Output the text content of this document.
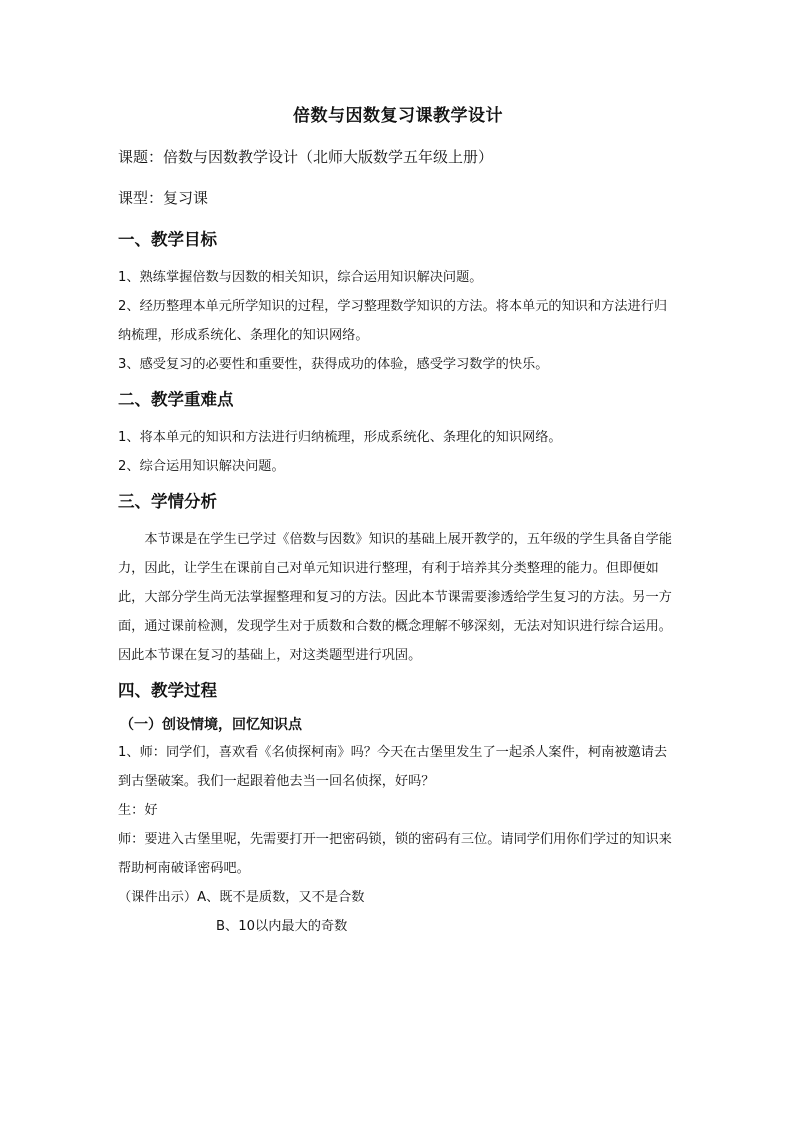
倍数与因数复习课教学设计
课题：倍数与因数教学设计（北师大版数学五年级上册）
课型：复习课
一、教学目标

1、熟练掌握倍数与因数的相关知识，综合运用知识解决问题。

2、经历整理本单元所学知识的过程，学习整理数学知识的方法。将本单元的知识和方法进行归纳梳理，形成系统化、条理化的知识网络。

3、感受复习的必要性和重要性，获得成功的体验，感受学习数学的快乐。

二、教学重难点

1、将本单元的知识和方法进行归纳梳理，形成系统化、条理化的知识网络。

2、综合运用知识解决问题。

三、学情分析

本节课是在学生已学过《倍数与因数》知识的基础上展开教学的，五年级的学生具备自学能力，因此，让学生在课前自己对单元知识进行整理，有利于培养其分类整理的能力。但即便如此，大部分学生尚无法掌握整理和复习的方法。因此本节课需要渗透给学生复习的方法。另一方面，通过课前检测，发现学生对于质数和合数的概念理解不够深刻，无法对知识进行综合运用。因此本节课在复习的基础上，对这类题型进行巩固。

四、教学过程
（一）创设情境，回忆知识点

1、师：同学们，喜欢看《名侦探柯南》吗？今天在古堡里发生了一起杀人案件，柯南被邀请去到古堡破案。我们一起跟着他去当一回名侦探，好吗？

生：好

师：要进入古堡里呢，先需要打开一把密码锁，锁的密码有三位。请同学们用你们学过的知识来帮助柯南破译密码吧。

（课件出示）A、既不是质数，又不是合数

B、10以内最大的奇数
